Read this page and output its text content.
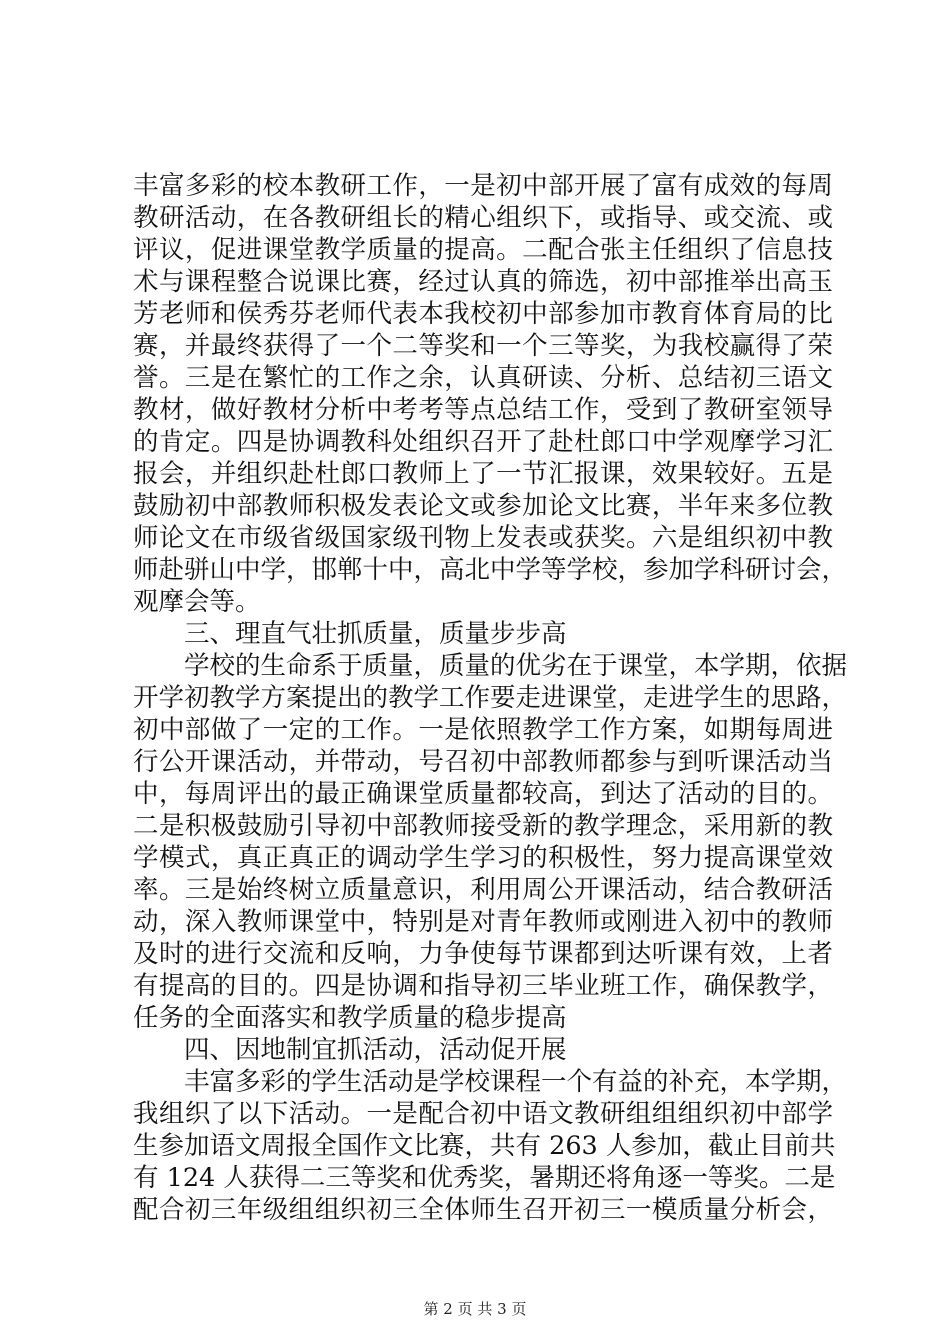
丰富多彩的校本教研工作，一是初中部开展了富有成效的每周
教研活动，在各教研组长的精心组织下，或指导、或交流、或
评议，促进课堂教学质量的提高。二配合张主任组织了信息技
术与课程整合说课比赛，经过认真的筛选，初中部推举出高玉
芳老师和侯秀芬老师代表本我校初中部参加市教育体育局的比
赛，并最终获得了一个二等奖和一个三等奖，为我校赢得了荣
誉。三是在繁忙的工作之余，认真研读、分析、总结初三语文
教材，做好教材分析中考考等点总结工作，受到了教研室领导
的肯定。四是协调教科处组织召开了赴杜郎口中学观摩学习汇
报会，并组织赴杜郎口教师上了一节汇报课，效果较好。五是
鼓励初中部教师积极发表论文或参加论文比赛，半年来多位教
师论文在市级省级国家级刊物上发表或获奖。六是组织初中教
师赴骈山中学，邯郸十中，高北中学等学校，参加学科研讨会，
观摩会等。
三、理直气壮抓质量，质量步步高
学校的生命系于质量，质量的优劣在于课堂，本学期，依据
开学初教学方案提出的教学工作要走进课堂，走进学生的思路，
初中部做了一定的工作。一是依照教学工作方案，如期每周进
行公开课活动，并带动，号召初中部教师都参与到听课活动当
中，每周评出的最正确课堂质量都较高，到达了活动的目的。
二是积极鼓励引导初中部教师接受新的教学理念，采用新的教
学模式，真正真正的调动学生学习的积极性，努力提高课堂效
率。三是始终树立质量意识，利用周公开课活动，结合教研活
动，深入教师课堂中，特别是对青年教师或刚进入初中的教师
及时的进行交流和反响，力争使每节课都到达听课有效，上者
有提高的目的。四是协调和指导初三毕业班工作，确保教学，
任务的全面落实和教学质量的稳步提高
四、因地制宜抓活动，活动促开展
丰富多彩的学生活动是学校课程一个有益的补充，本学期，
我组织了以下活动。一是配合初中语文教研组组组织初中部学
生参加语文周报全国作文比赛，共有 263 人参加，截止目前共
有 124 人获得二三等奖和优秀奖，暑期还将角逐一等奖。二是
配合初三年级组组织初三全体师生召开初三一模质量分析会，
第 2 页 共 3 页
